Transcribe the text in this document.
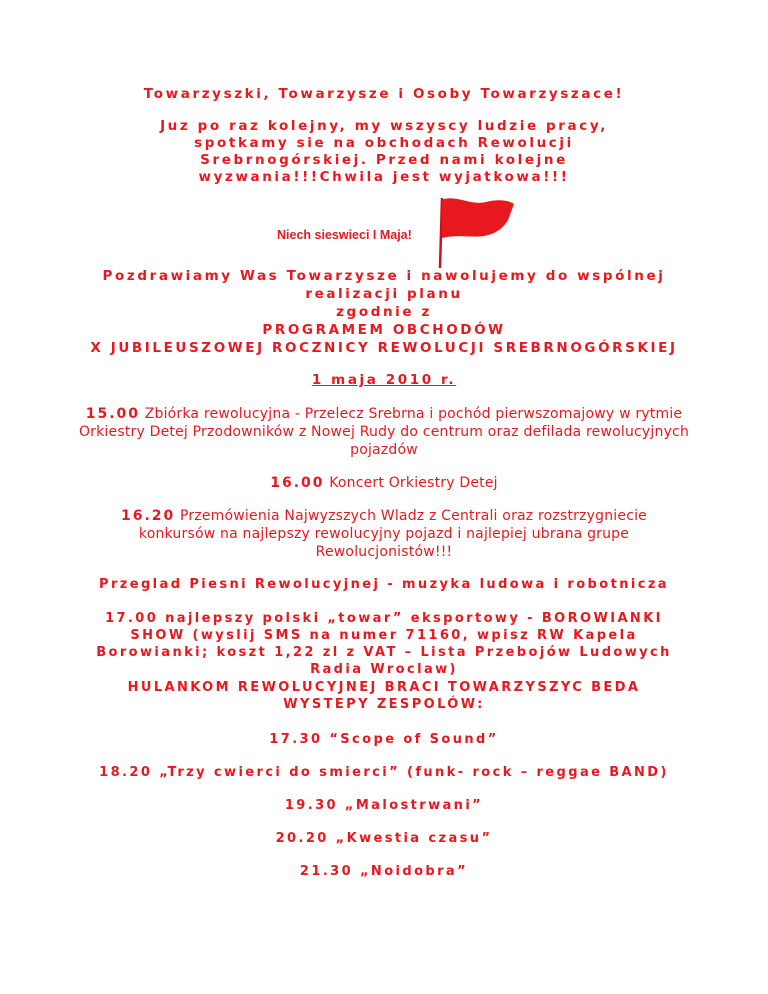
Towarzyszki, Towarzysze i Osoby Towarzyszace!
Juz po raz kolejny, my wszyscy ludzie pracy, spotkamy sie na obchodach Rewolucji Srebrnogórskiej. Przed nami kolejne wyzwania!!!Chwila jest wyjatkowa!!!
Niech sieswieci I Maja!
Pozdrawiamy Was Towarzysze i nawolujemy do wspólnej
realizacji planu
zgodnie z
PROGRAMEM OBCHODÓW
X JUBILEUSZOWEJ ROCZNICY REWOLUCJI SREBRNOGÓRSKIEJ
1 maja 2010 r.
15.00 Zbiórka rewolucyjna - Przelecz Srebrna i pochód pierwszomajowy w rytmie Orkiestry Detej Przodowników z Nowej Rudy do centrum oraz defilada rewolucyjnych pojazdów
16.00 Koncert Orkiestry Detej
16.20 Przemówienia Najwyzszych Wladz z Centrali oraz rozstrzygniecie konkursów na najlepszy rewolucyjny pojazd i najlepiej ubrana grupe Rewolucjonistów!!!
Przeglad Piesni Rewolucyjnej - muzyka ludowa i robotnicza
17.00 najlepszy polski „towar” eksportowy - BOROWIANKI SHOW (wyslij SMS na numer 71160, wpisz RW Kapela Borowianki; koszt 1,22 zl z VAT – Lista Przebojów Ludowych Radia Wroclaw)
HULANKOM REWOLUCYJNEJ BRACI TOWARZYSZYC BEDA WYSTEPY ZESPOLÓW:
17.30 “Scope of Sound”
18.20 „Trzy cwierci do smierci” (funk- rock – reggae BAND)
19.30 „Malostrwani”
20.20 „Kwestia czasu”
21.30 „Noidobra”
